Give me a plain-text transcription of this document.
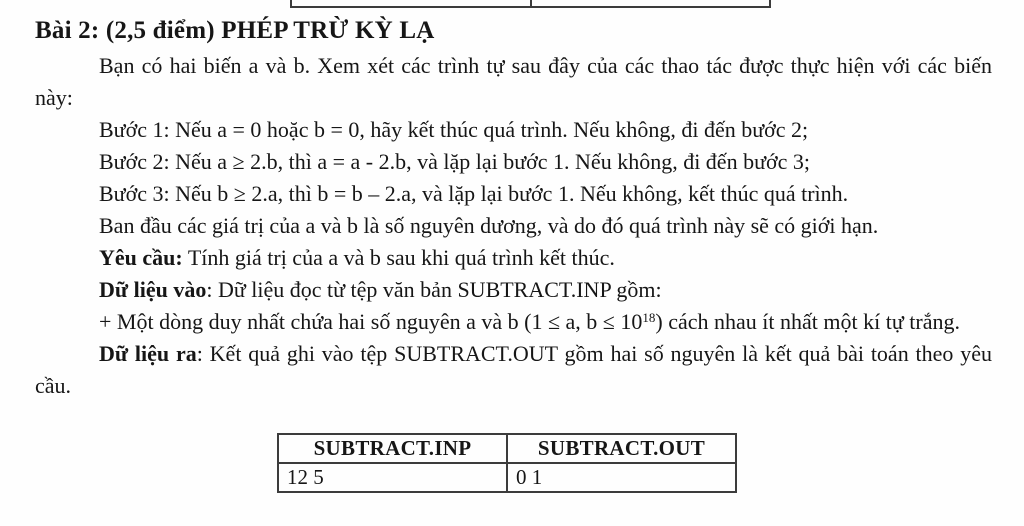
Bài 2: (2,5 điểm) PHÉP TRỪ KỲ LẠ

Bạn có hai biến a và b. Xem xét các trình tự sau đây của các thao tác được thực hiện với các biến này:

Bước 1: Nếu a = 0 hoặc b = 0, hãy kết thúc quá trình. Nếu không, đi đến bước 2;
Bước 2: Nếu a ≥ 2.b, thì a = a - 2.b, và lặp lại bước 1. Nếu không, đi đến bước 3;
Bước 3: Nếu b ≥ 2.a, thì b = b – 2.a, và lặp lại bước 1. Nếu không, kết thúc quá trình.
Ban đầu các giá trị của a và b là số nguyên dương, và do đó quá trình này sẽ có giới hạn.
Yêu cầu: Tính giá trị của a và b sau khi quá trình kết thúc.
Dữ liệu vào: Dữ liệu đọc từ tệp văn bản SUBTRACT.INP gồm:

+ Một dòng duy nhất chứa hai số nguyên a và b (1 ≤ a, $b \le 10^{18}$) cách nhau ít nhất một kí tự trắng.

Dữ liệu ra: Kết quả ghi vào tệp SUBTRACT.OUT gồm hai số nguyên là kết quả bài toán theo yêu cầu.

SUBTRACT.INP	SUBTRACT.OUT
12 5	0 1
